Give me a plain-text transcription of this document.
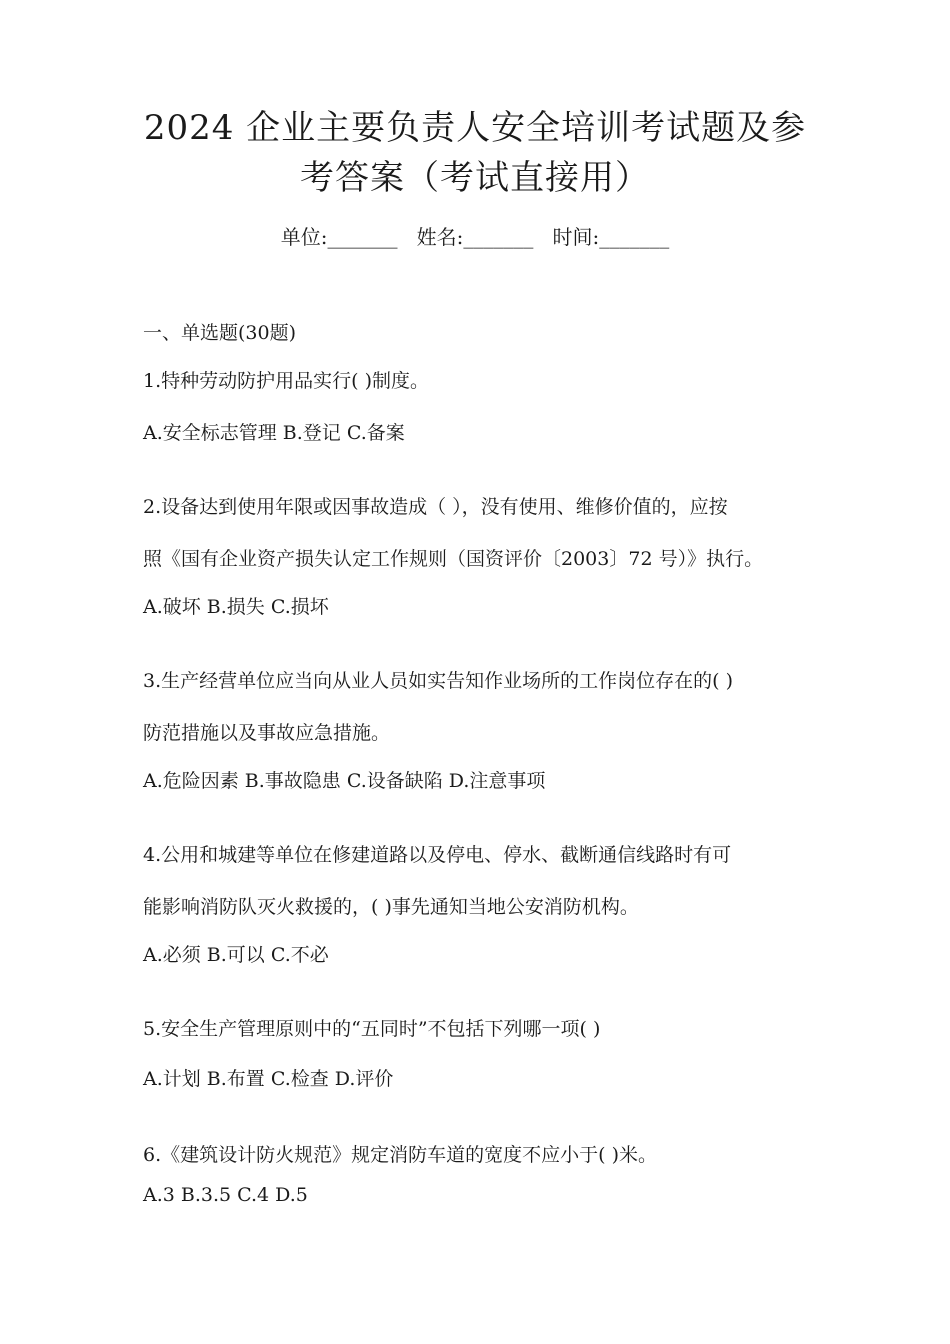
2024 企业主要负责人安全培训考试题及参
考答案（考试直接用）
单位:_______ 姓名:_______ 时间:_______
一、单选题(30题)
1.特种劳动防护用品实行( )制度。
A.安全标志管理 B.登记 C.备案
2.设备达到使用年限或因事故造成（ ），没有使用、维修价值的，应按
照《国有企业资产损失认定工作规则（国资评价〔2003〕72 号）》执行。
A.破坏 B.损失 C.损坏
3.生产经营单位应当向从业人员如实告知作业场所的工作岗位存在的( )
防范措施以及事故应急措施。
A.危险因素 B.事故隐患 C.设备缺陷 D.注意事项
4.公用和城建等单位在修建道路以及停电、停水、截断通信线路时有可
能影响消防队灭火救援的，( )事先通知当地公安消防机构。
A.必须 B.可以 C.不必
5.安全生产管理原则中的“五同时”不包括下列哪一项( )
A.计划 B.布置 C.检查 D.评价
6.《建筑设计防火规范》规定消防车道的宽度不应小于( )米。
A.3 B.3.5 C.4 D.5
